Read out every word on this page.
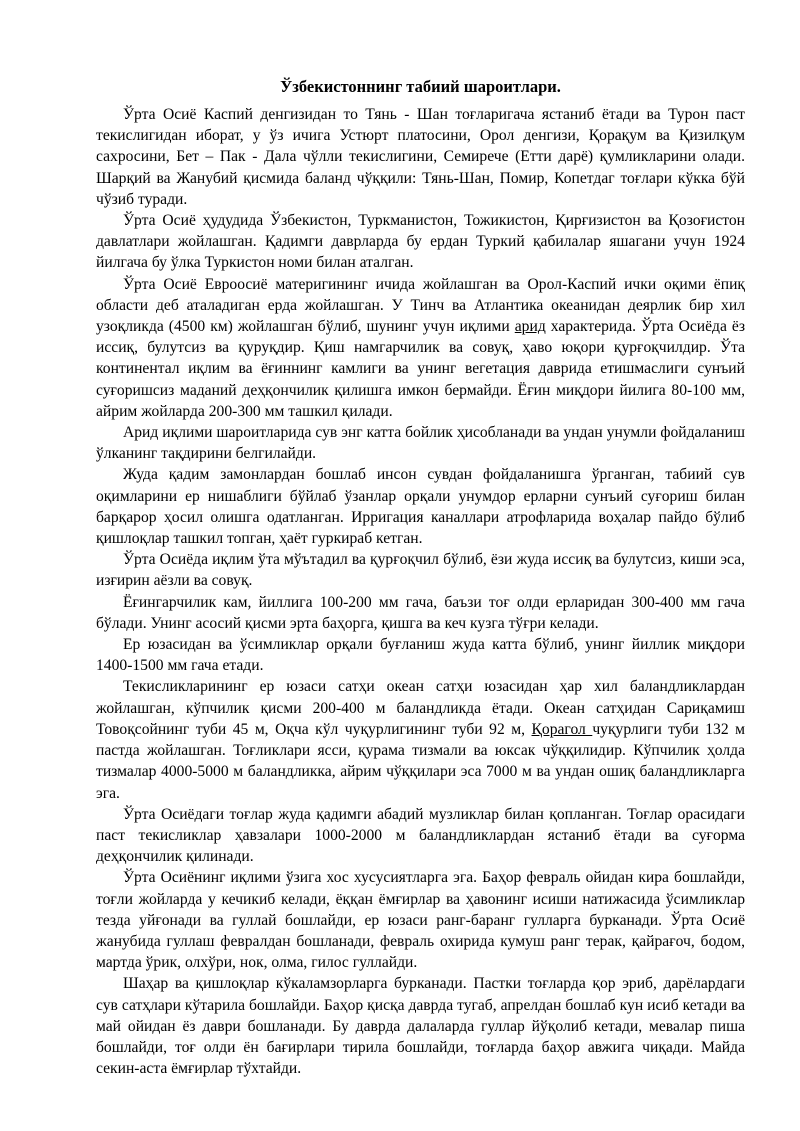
Ўзбекистоннинг табиий шароитлари.

Ўрта Осиё Каспий денгизидан то Тянь - Шан тоғларигача ястаниб ётади ва Турон паст текислигидан иборат, у ўз ичига Устюрт платосини, Орол денгизи, Қорақум ва Қизилқум сахросини, Бет – Пак - Дала чўлли текислигини, Семиречe (Етти дарё) қумликларини олади. Шарқий ва Жанубий қисмида баланд чўққили: Тянь-Шан, Помир, Копетдаг тоғлари кўкка бўй чўзиб туради.

Ўрта Осиё ҳудудида Ўзбекистон, Туркманистон, Тожикистон, Қирғизистон ва Қозоғистон давлатлари жойлашган. Қадимги даврларда бу ердан Туркий қабилалар яшагани учун 1924 йилгача бу ўлка Туркистон номи билан аталган.

Ўрта Осиё Евроосиё материгининг ичида жойлашган ва Орол-Каспий ички оқими ёпиқ области деб аталадиган ерда жойлашган. У Тинч ва Атлантика океанидан деярлик бир хил узоқликда (4500 км) жойлашган бўлиб, шунинг учун иқлими арид характерида. Ўрта Осиёда ёз иссиқ, булутсиз ва қуруқдир. Қиш намгарчилик ва совуқ, ҳаво юқори қурғоқчилдир. Ўта континентал иқлим ва ёғиннинг камлиги ва унинг вегетация даврида етишмаслиги сунъий суғоришсиз маданий деҳқончилик қилишга имкон бермайди. Ёғин миқдори йилига 80-100 мм, айрим жойларда 200-300 мм ташкил қилади.

Арид иқлими шароитларида сув энг катта бойлик ҳисобланади ва ундан унумли фойдаланиш ўлканинг тақдирини белгилайди.

Жуда қадим замонлардан бошлаб инсон сувдан фойдаланишга ўрганган, табиий сув оқимларини ер нишаблиги бўйлаб ўзанлар орқали унумдор ерларни сунъий суғориш билан барқарор ҳосил олишга одатланган. Ирригация каналлари атрофларида воҳалар пайдо бўлиб қишлоқлар ташкил топган, ҳаёт гуркираб кетган.

Ўрта Осиёда иқлим ўта мўътадил ва қурғоқчил бўлиб, ёзи жуда иссиқ ва булутсиз, киши эса, изғирин аёзли ва совуқ.

Ёғингарчилик кам, йиллига 100-200 мм гача, баъзи тоғ олди ерларидан 300-400 мм гача бўлади. Унинг асосий қисми эрта баҳорга, қишга ва кеч кузга тўғри келади.

Ер юзасидан ва ўсимликлар орқали буғланиш жуда катта бўлиб, унинг йиллик миқдори 1400-1500 мм гача етади.

Текисликларининг ер юзаси сатҳи океан сатҳи юзасидан ҳар хил баландликлардан жойлашган, кўпчилик қисми 200-400 м баландликда ётади. Океан сатҳидан Сариқамиш Товоқсойнинг туби 45 м, Оқча кўл чуқурлигининг туби 92 м, Қорагол чуқурлиги туби 132 м пастда жойлашган. Тоғликлари ясси, қурама тизмали ва юксак чўққилидир. Кўпчилик ҳолда тизмалар 4000-5000 м баландликка, айрим чўққилари эса 7000 м ва ундан ошиқ баландликларга эга.

Ўрта Осиёдаги тоғлар жуда қадимги абадий музликлар билан қопланган. Тоғлар орасидаги паст текисликлар ҳавзалари 1000-2000 м баландликлардан ястаниб ётади ва суғорма деҳқончилик қилинади.

Ўрта Осиёнинг иқлими ўзига хос хусусиятларга эга. Баҳор февраль ойидан кира бошлайди, тоғли жойларда у кечикиб келади, ёққан ёмғирлар ва ҳавонинг исиши натижасида ўсимликлар тезда уйғонади ва гуллай бошлайди, ер юзаси ранг-баранг гулларга бурканади. Ўрта Осиё жанубида гуллаш февралдан бошланади, февраль охирида кумуш ранг терак, қайрағоч, бодом, мартда ўрик, олхўри, нок, олма, гилос гуллайди.

Шаҳар ва қишлоқлар кўкаламзорларга бурканади. Пастки тоғларда қор эриб, дарёлардаги сув сатҳлари кўтарила бошлайди. Баҳор қисқа даврда тугаб, апрелдан бошлаб кун исиб кетади ва май ойидан ёз даври бошланади. Бу даврда далаларда гуллар йўқолиб кетади, мевалар пиша бошлайди, тоғ олди ён бағирлари тирила бошлайди, тоғларда баҳор авжига чиқади. Майда секин-аста ёмғирлар тўхтайди.
